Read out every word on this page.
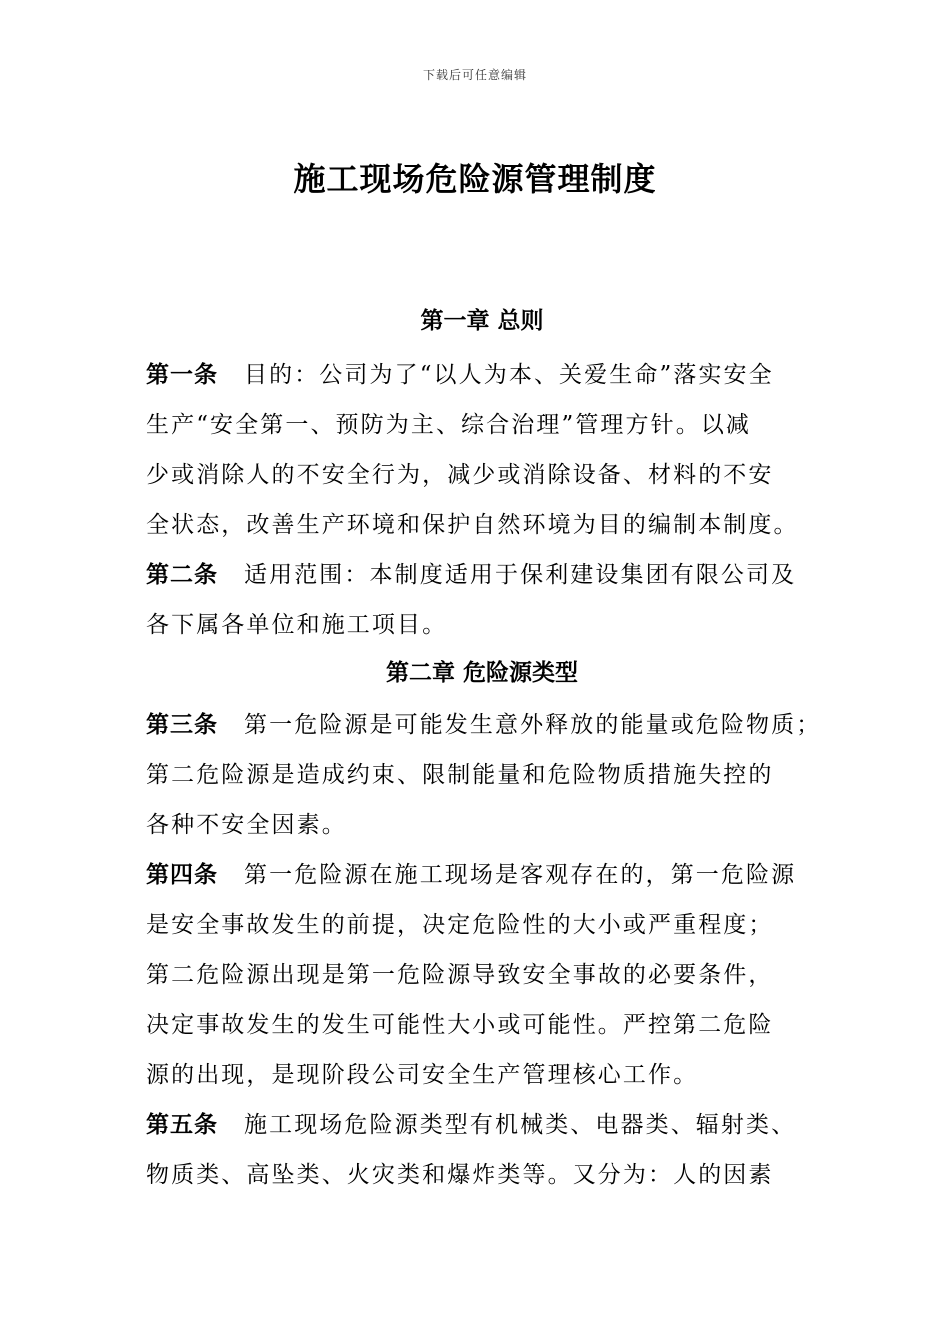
下载后可任意编辑
施工现场危险源管理制度
第一章 总则

第一条 目的：公司为了“以人为本、关爱生命”落实安全
生产“安全第一、预防为主、综合治理”管理方针。以减
少或消除人的不安全行为，减少或消除设备、材料的不安
全状态，改善生产环境和保护自然环境为目的编制本制度。

第二条 适用范围：本制度适用于保利建设集团有限公司及
各下属各单位和施工项目。

第二章 危险源类型

第三条 第一危险源是可能发生意外释放的能量或危险物质；
第二危险源是造成约束、限制能量和危险物质措施失控的
各种不安全因素。

第四条 第一危险源在施工现场是客观存在的，第一危险源
是安全事故发生的前提，决定危险性的大小或严重程度；
第二危险源出现是第一危险源导致安全事故的必要条件，
决定事故发生的发生可能性大小或可能性。严控第二危险
源的出现，是现阶段公司安全生产管理核心工作。

第五条 施工现场危险源类型有机械类、电器类、辐射类、
物质类、高坠类、火灾类和爆炸类等。又分为：人的因素
